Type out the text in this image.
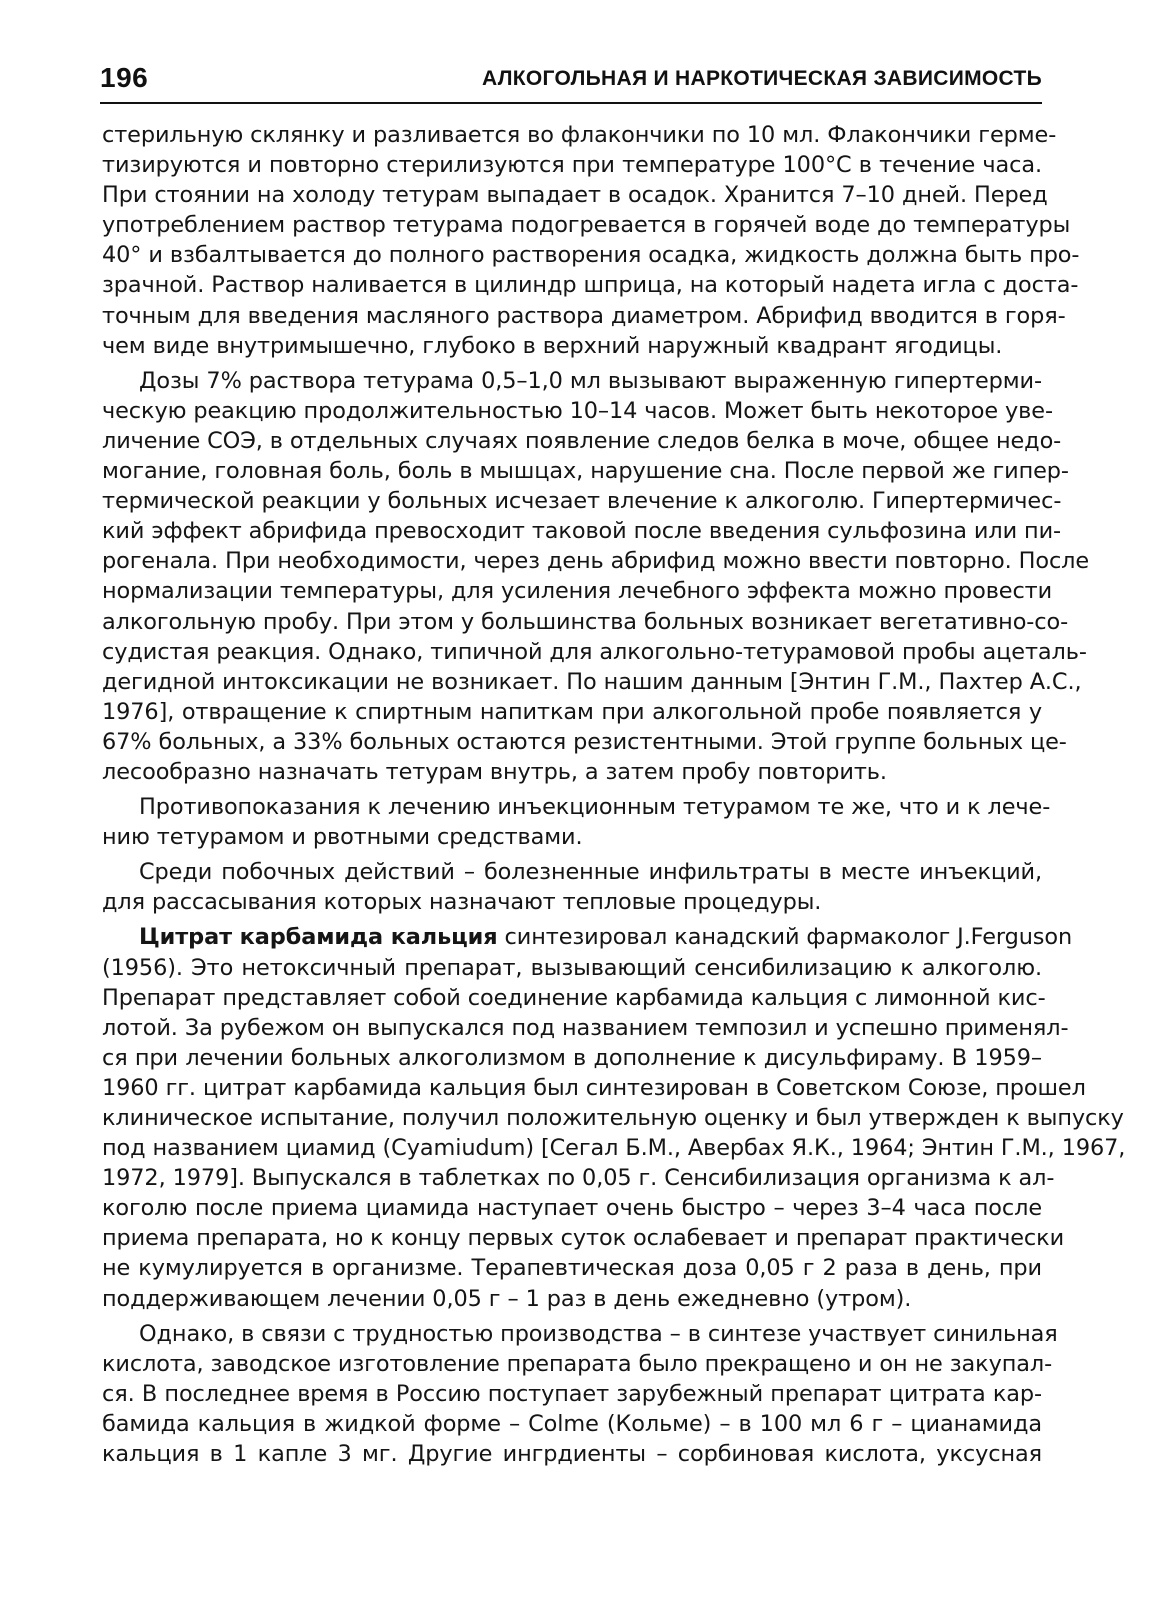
196	АЛКОГОЛЬНАЯ И НАРКОТИЧЕСКАЯ ЗАВИСИМОСТЬ
стерильную склянку и разливается во флакончики по 10 мл. Флакончики герме-
тизируются и повторно стерилизуются при температуре 100°С в течение часа.
При стоянии на холоду тетурам выпадает в осадок. Хранится 7–10 дней. Перед
употреблением раствор тетурама подогревается в горячей воде до температуры
40° и взбалтывается до полного растворения осадка, жидкость должна быть про-
зрачной. Раствор наливается в цилиндр шприца, на который надета игла с доста-
точным для введения масляного раствора диаметром. Абрифид вводится в горя-
чем виде внутримышечно, глубоко в верхний наружный квадрант ягодицы.
Дозы 7% раствора тетурама 0,5–1,0 мл вызывают выраженную гипертерми-
ческую реакцию продолжительностью 10–14 часов. Может быть некоторое уве-
личение СОЭ, в отдельных случаях появление следов белка в моче, общее недо-
могание, головная боль, боль в мышцах, нарушение сна. После первой же гипер-
термической реакции у больных исчезает влечение к алкоголю. Гипертермичес-
кий эффект абрифида превосходит таковой после введения сульфозина или пи-
рогенала. При необходимости, через день абрифид можно ввести повторно. После
нормализации температуры, для усиления лечебного эффекта можно провести
алкогольную пробу. При этом у большинства больных возникает вегетативно-со-
судистая реакция. Однако, типичной для алкогольно-тетурамовой пробы ацеталь-
дегидной интоксикации не возникает. По нашим данным [Энтин Г.М., Пахтер А.С.,
1976], отвращение к спиртным напиткам при алкогольной пробе появляется у
67% больных, а 33% больных остаются резистентными. Этой группе больных це-
лесообразно назначать тетурам внутрь, а затем пробу повторить.
Противопоказания к лечению инъекционным тетурамом те же, что и к лече-
нию тетурамом и рвотными средствами.
Среди побочных действий – болезненные инфильтраты в месте инъекций,
для рассасывания которых назначают тепловые процедуры.
Цитрат карбамида кальция синтезировал канадский фармаколог J.Ferguson
(1956). Это нетоксичный препарат, вызывающий сенсибилизацию к алкоголю.
Препарат представляет собой соединение карбамида кальция с лимонной кис-
лотой. За рубежом он выпускался под названием темпозил и успешно применял-
ся при лечении больных алкоголизмом в дополнение к дисульфираму. В 1959–
1960 гг. цитрат карбамида кальция был синтезирован в Советском Союзе, прошел
клиническое испытание, получил положительную оценку и был утвержден к выпуску
под названием циамид (Cyamiudum) [Сегал Б.М., Авербах Я.К., 1964; Энтин Г.М., 1967,
1972, 1979]. Выпускался в таблетках по 0,05 г. Сенсибилизация организма к ал-
коголю после приема циамида наступает очень быстро – через 3–4 часа после
приема препарата, но к концу первых суток ослабевает и препарат практически
не кумулируется в организме. Терапевтическая доза 0,05 г 2 раза в день, при
поддерживающем лечении 0,05 г – 1 раз в день ежедневно (утром).
Однако, в связи с трудностью производства – в синтезе участвует синильная
кислота, заводское изготовление препарата было прекращено и он не закупал-
ся. В последнее время в Россию поступает зарубежный препарат цитрата кар-
бамида кальция в жидкой форме – Colme (Кольме) – в 100 мл 6 г – цианамида
кальция в 1 капле 3 мг. Другие ингрдиенты – сорбиновая кислота, уксусная
